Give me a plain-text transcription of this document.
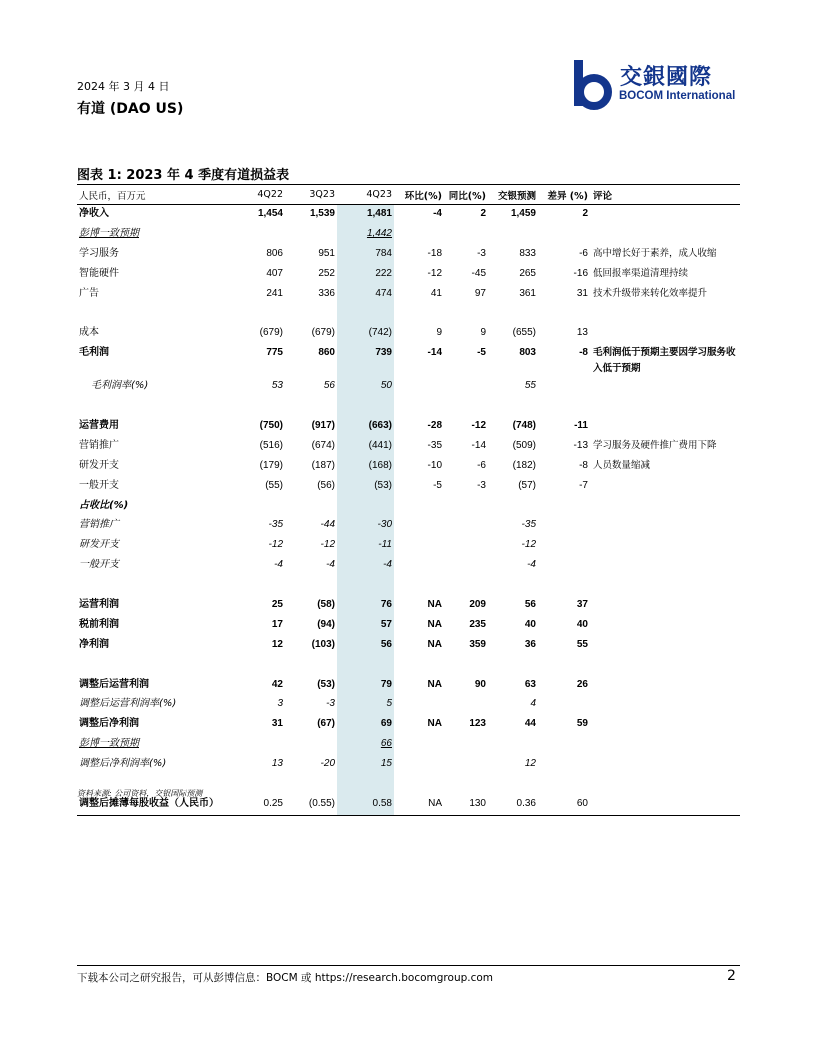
2024 年 3 月 4 日
有道 (DAO US)
交銀國際
BOCOM International
图表 1: 2023 年 4 季度有道损益表
人民币，百万元	4Q22	3Q23	4Q23	环比(%)	同比(%)	交银预测	差异 (%)	评论
净收入	1,454	1,539	1,481	-4	2	1,459	2	
彭博一致预期			1,442					
学习服务	806	951	784	-18	-3	833	-6	高中增长好于素养，成人收缩
智能硬件	407	252	222	-12	-45	265	-16	低回报率渠道清理持续
广告	241	336	474	41	97	361	31	技术升级带来转化效率提升

成本	(679)	(679)	(742)	9	9	(655)	13	
毛利润	775	860	739	-14	-5	803	-8	毛利润低于预期主要因学习服务收入低于预期
毛利润率(%)	53	56	50			55		

运营费用	(750)	(917)	(663)	-28	-12	(748)	-11	
营销推广	(516)	(674)	(441)	-35	-14	(509)	-13	学习服务及硬件推广费用下降
研发开支	(179)	(187)	(168)	-10	-6	(182)	-8	人员数量缩减
一般开支	(55)	(56)	(53)	-5	-3	(57)	-7	
占收比(%)								
营销推广	-35	-44	-30			-35		
研发开支	-12	-12	-11			-12		
一般开支	-4	-4	-4			-4		

运营利润	25	(58)	76	NA	209	56	37	
税前利润	17	(94)	57	NA	235	40	40	
净利润	12	(103)	56	NA	359	36	55	

调整后运营利润	42	(53)	79	NA	90	63	26	
调整后运营利润率(%)	3	-3	5			4		
调整后净利润	31	(67)	69	NA	123	44	59	
彭博一致预期			66					
调整后净利润率(%)	13	-20	15			12		

调整后摊薄每股收益（人民币）	0.25	(0.55)	0.58	NA	130	0.36	60	
资料来源: 公司资料，交银国际预测
下载本公司之研究报告，可从彭博信息：BOCM 或 https://research.bocomgroup.com	2
